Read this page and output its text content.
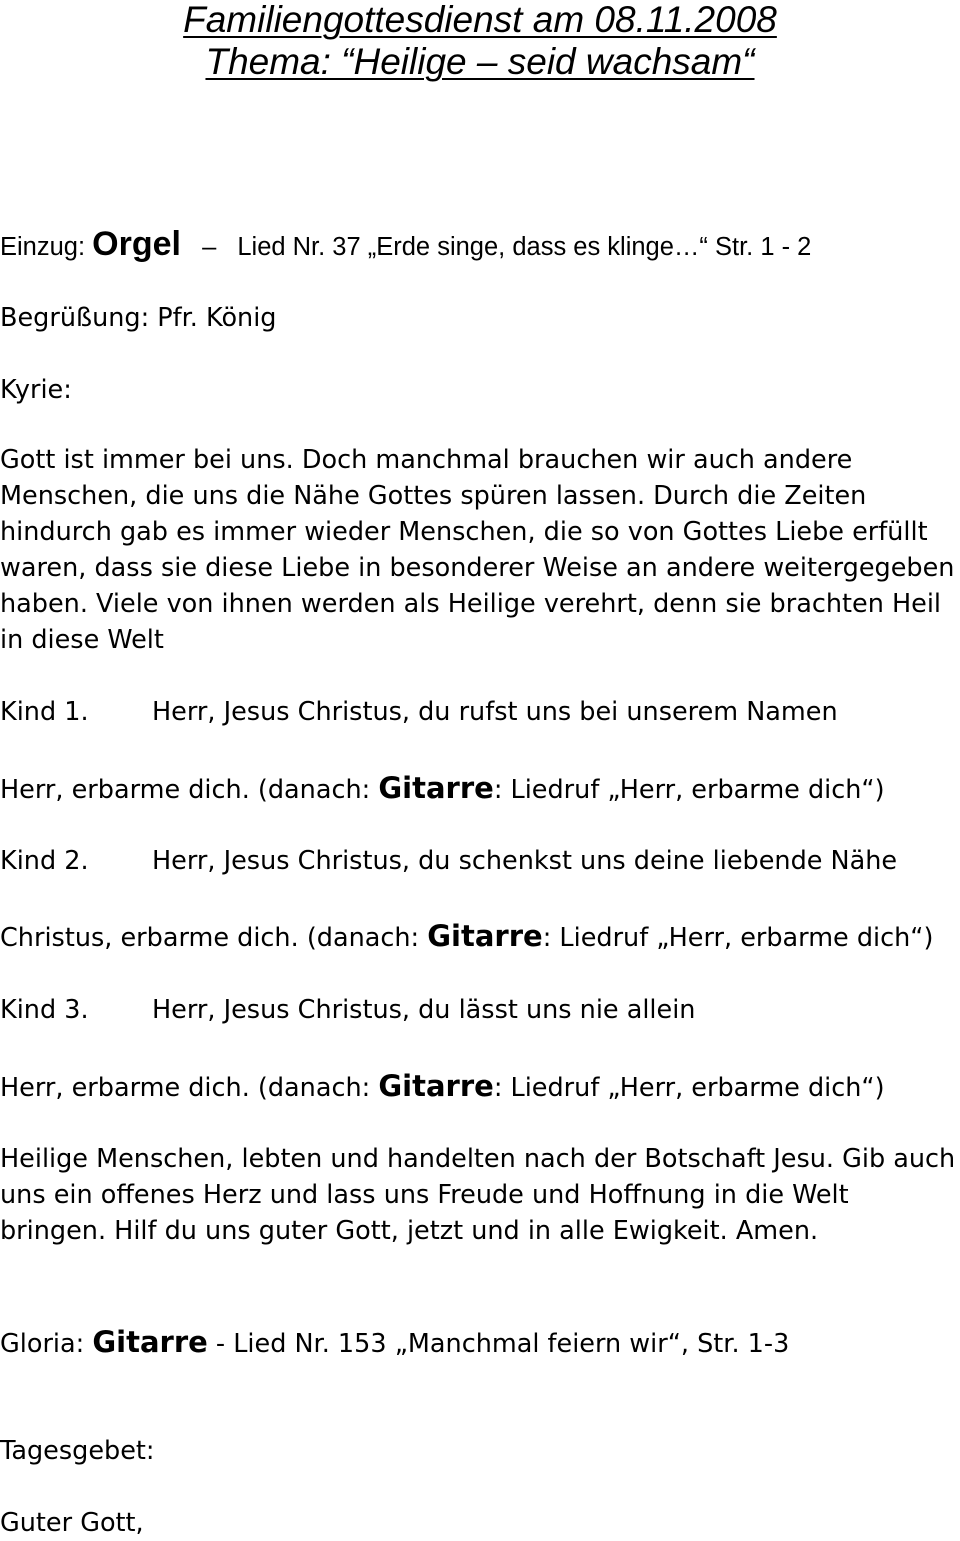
Familiengottesdienst am 08.11.2008
Thema: “Heilige – seid wachsam“
Einzug: Orgel – Lied Nr. 37 „Erde singe, dass es klinge…“ Str. 1 - 2
Begrüßung: Pfr. König
Kyrie:
Gott ist immer bei uns. Doch manchmal brauchen wir auch andere Menschen, die uns die Nähe Gottes spüren lassen. Durch die Zeiten hindurch gab es immer wieder Menschen, die so von Gottes Liebe erfüllt waren, dass sie diese Liebe in besonderer Weise an andere weitergegeben haben. Viele von ihnen werden als Heilige verehrt, denn sie brachten Heil in diese Welt
Kind 1. Herr, Jesus Christus, du rufst uns bei unserem Namen
Herr, erbarme dich. (danach: Gitarre: Liedruf „Herr, erbarme dich“)
Kind 2. Herr, Jesus Christus, du schenkst uns deine liebende Nähe
Christus, erbarme dich. (danach: Gitarre: Liedruf „Herr, erbarme dich“)
Kind 3. Herr, Jesus Christus, du lässt uns nie allein
Herr, erbarme dich. (danach: Gitarre: Liedruf „Herr, erbarme dich“)
Heilige Menschen, lebten und handelten nach der Botschaft Jesu. Gib auch uns ein offenes Herz und lass uns Freude und Hoffnung in die Welt bringen. Hilf du uns guter Gott, jetzt und in alle Ewigkeit. Amen.
Gloria: Gitarre - Lied Nr. 153 „Manchmal feiern wir“, Str. 1-3
Tagesgebet:
Guter Gott,
